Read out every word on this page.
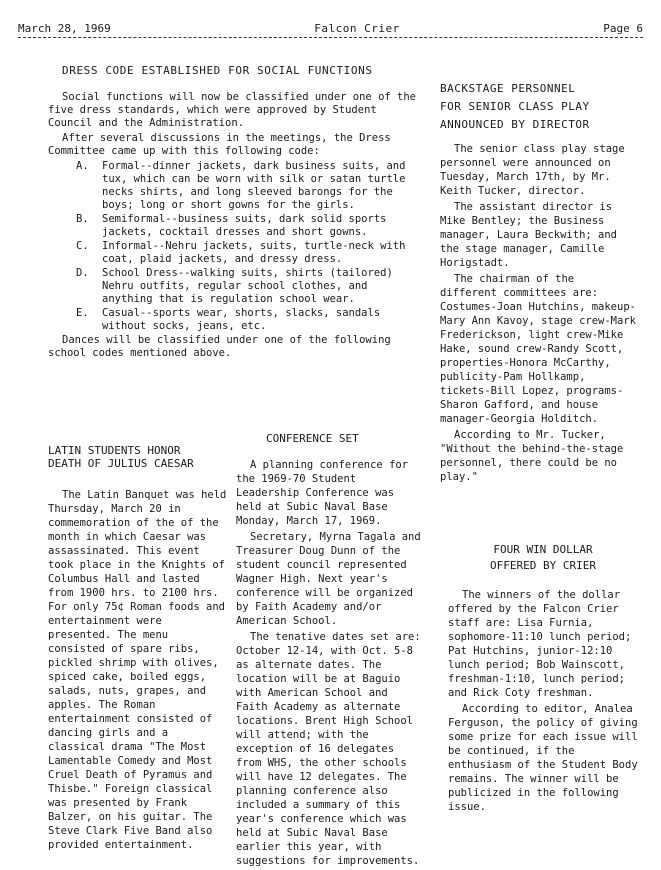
March 28, 1969	Falcon Crier	Page 6
DRESS CODE ESTABLISHED FOR SOCIAL FUNCTIONS

Social functions will now be classified under one of the five dress standards, which were approved by Student Council and the Administration.

After several discussions in the meetings, the Dress Committee came up with this following code:

A.	Formal--dinner jackets, dark business suits, and tux, which can be worn with silk or satan turtle necks shirts, and long sleeved barongs for the boys; long or short gowns for the girls.
B.	Semiformal--business suits, dark solid sports jackets, cocktail dresses and short gowns.
C.	Informal--Nehru jackets, suits, turtle-neck with coat, plaid jackets, and dressy dress.
D.	School Dress--walking suits, shirts (tailored) Nehru outfits, regular school clothes, and anything that is regulation school wear.
E.	Casual--sports wear, shorts, slacks, sandals without socks, jeans, etc.

Dances will be classified under one of the following school codes mentioned above.

LATIN STUDENTS HONOR
DEATH OF JULIUS CAESAR

The Latin Banquet was held Thursday, March 20 in commemoration of the of the month in which Caesar was assassinated. This event took place in the Knights of Columbus Hall and lasted from 1900 hrs. to 2100 hrs. For only 75¢ Roman foods and entertainment were presented. The menu consisted of spare ribs, pickled shrimp with olives, spiced cake, boiled eggs, salads, nuts, grapes, and apples. The Roman entertainment consisted of dancing girls and a classical drama "The Most Lamentable Comedy and Most Cruel Death of Pyramus and Thisbe." Foreign classical was presented by Frank Balzer, on his guitar. The Steve Clark Five Band also provided entertainment.

CONFERENCE SET

A planning conference for the 1969-70 Student Leadership Conference was held at Subic Naval Base Monday, March 17, 1969.

Secretary, Myrna Tagala and Treasurer Doug Dunn of the student council represented Wagner High. Next year's conference will be organized by Faith Academy and/or American School.

The tenative dates set are: October 12-14, with Oct. 5-8 as alternate dates. The location will be at Baguio with American School and Faith Academy as alternate locations. Brent High School will attend; with the exception of 16 delegates from WHS, the other schools will have 12 delegates. The planning conference also included a summary of this year's conference which was held at Subic Naval Base earlier this year, with suggestions for improvements.

BACKSTAGE PERSONNEL
FOR SENIOR CLASS PLAY
ANNOUNCED BY DIRECTOR

The senior class play stage personnel were announced on Tuesday, March 17th, by Mr. Keith Tucker, director.

The assistant director is Mike Bentley; the Business manager, Laura Beckwith; and the stage manager, Camille Horigstadt.

The chairman of the different committees are: Costumes-Joan Hutchins, makeup-Mary Ann Kavoy, stage crew-Mark Frederickson, light crew-Mike Hake, sound crew-Randy Scott, properties-Honora McCarthy, publicity-Pam Hollkamp, tickets-Bill Lopez, programs-Sharon Gafford, and house manager-Georgia Holditch.

According to Mr. Tucker, "Without the behind-the-stage personnel, there could be no play."

FOUR WIN DOLLAR
OFFERED BY CRIER

The winners of the dollar offered by the Falcon Crier staff are: Lisa Furnia, sophomore-11:10 lunch period; Pat Hutchins, junior-12:10 lunch period; Bob Wainscott, freshman-1:10, lunch period; and Rick Coty freshman.

According to editor, Analea Ferguson, the policy of giving some prize for each issue will be continued, if the enthusiasm of the Student Body remains. The winner will be publicized in the following issue.
